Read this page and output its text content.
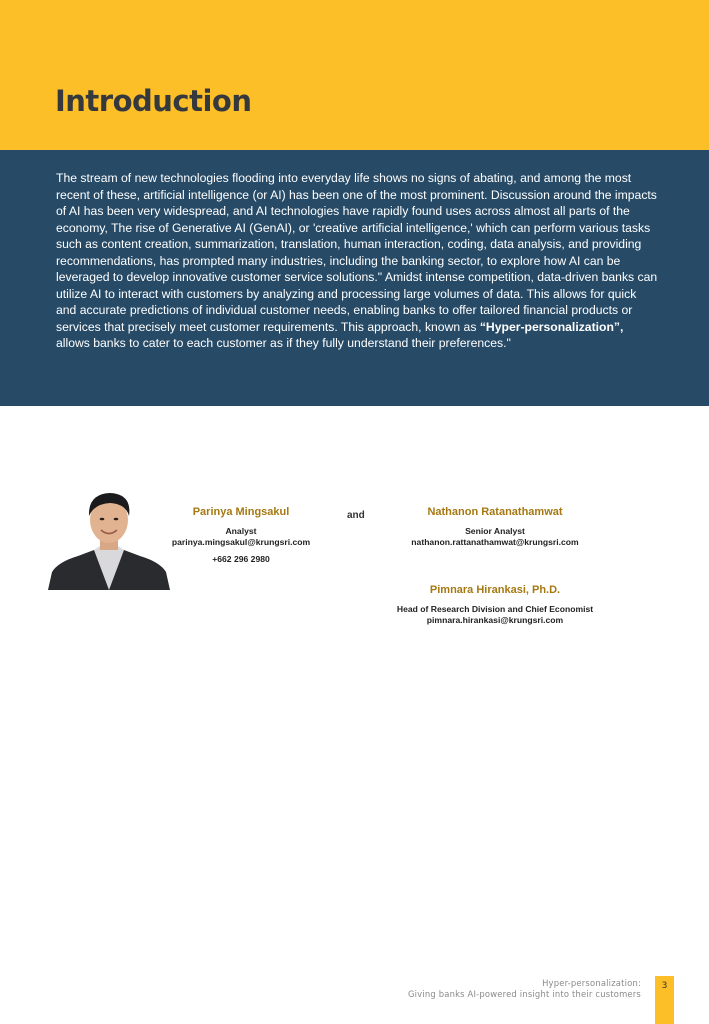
Introduction

The stream of new technologies flooding into everyday life shows no signs of abating, and among the most recent of these, artificial intelligence (or AI) has been one of the most prominent. Discussion around the impacts of AI has been very widespread, and AI technologies have rapidly found uses across almost all parts of the economy, The rise of Generative AI (GenAI), or 'creative artificial intelligence,' which can perform various tasks such as content creation, summarization, translation, human interaction, coding, data analysis, and providing recommendations, has prompted many industries, including the banking sector, to explore how AI can be leveraged to develop innovative customer service solutions." Amidst intense competition, data-driven banks can utilize AI to interact with customers by analyzing and processing large volumes of data. This allows for quick and accurate predictions of individual customer needs, enabling banks to offer tailored financial products or services that precisely meet customer requirements. This approach, known as “Hyper-personalization”, allows banks to cater to each customer as if they fully understand their preferences."

Parinya Mingsakul
Analyst
parinya.mingsakul@krungsri.com
+662 296 2980
and	Nathanon Ratanathamwat
Senior Analyst
nathanon.rattanathamwat@krungsri.com
Pimnara Hirankasi, Ph.D.
Head of Research Division and Chief Economist
pimnara.hirankasi@krungsri.com
Hyper-personalization:
Giving banks AI-powered insight into their customers
3
